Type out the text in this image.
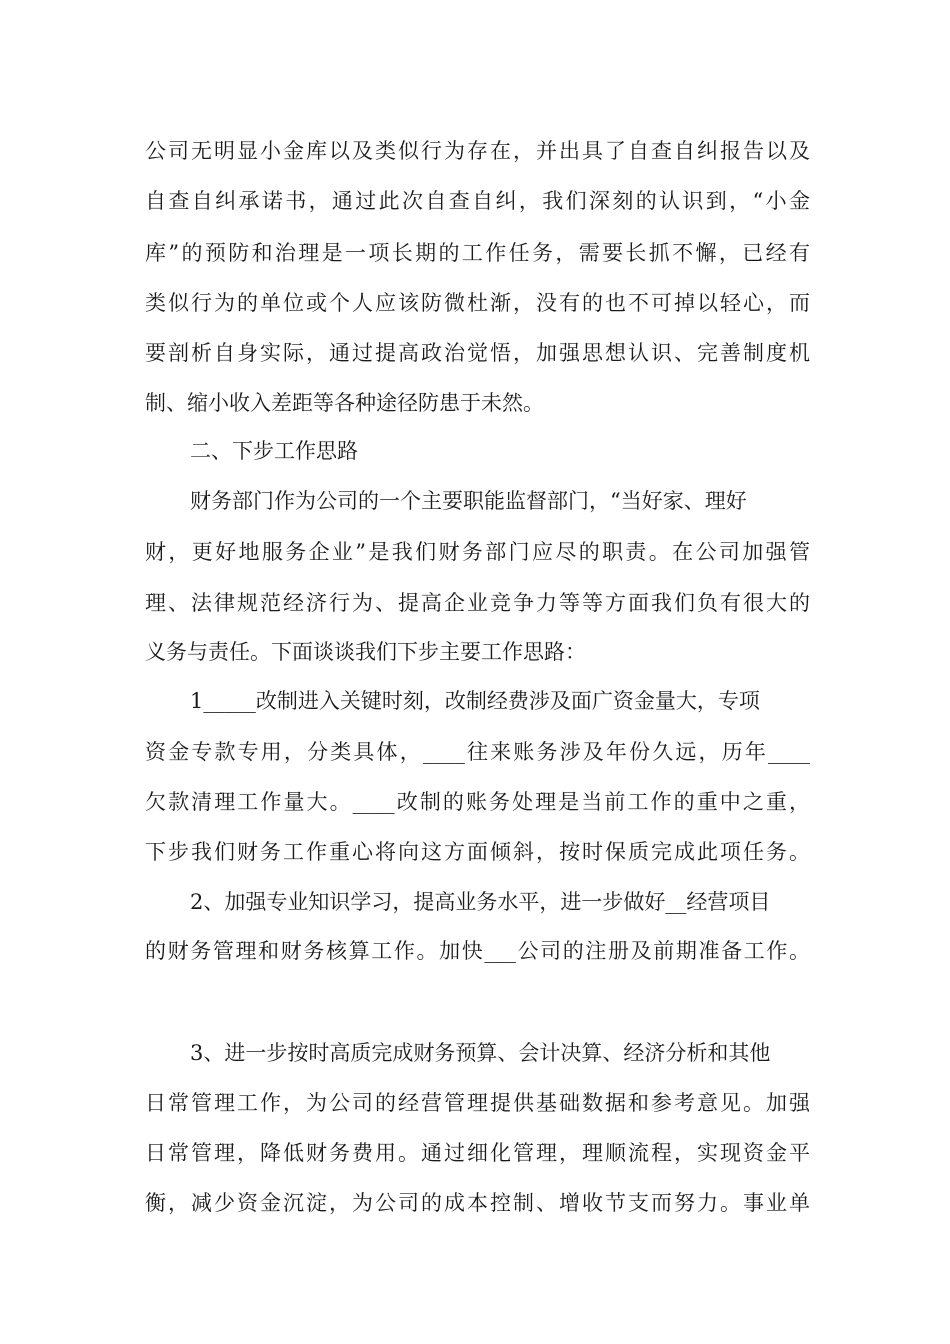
公司无明显小金库以及类似行为存在，并出具了自查自纠报告以及
自查自纠承诺书，通过此次自查自纠，我们深刻的认识到，“小金
库”的预防和治理是一项长期的工作任务，需要长抓不懈，已经有
类似行为的单位或个人应该防微杜渐，没有的也不可掉以轻心，而
要剖析自身实际，通过提高政治觉悟，加强思想认识、完善制度机
制、缩小收入差距等各种途径防患于未然。
二、下步工作思路
财务部门作为公司的一个主要职能监督部门，“当好家、理好
财，更好地服务企业”是我们财务部门应尽的职责。在公司加强管
理、法律规范经济行为、提高企业竞争力等等方面我们负有很大的
义务与责任。下面谈谈我们下步主要工作思路：
1_____改制进入关键时刻，改制经费涉及面广资金量大，专项
资金专款专用，分类具体，____往来账务涉及年份久远，历年____
欠款清理工作量大。____改制的账务处理是当前工作的重中之重，
下步我们财务工作重心将向这方面倾斜，按时保质完成此项任务。
2、加强专业知识学习，提高业务水平，进一步做好__经营项目
的财务管理和财务核算工作。加快___公司的注册及前期准备工作。
3、进一步按时高质完成财务预算、会计决算、经济分析和其他
日常管理工作，为公司的经营管理提供基础数据和参考意见。加强
日常管理，降低财务费用。通过细化管理，理顺流程，实现资金平
衡，减少资金沉淀，为公司的成本控制、增收节支而努力。事业单
